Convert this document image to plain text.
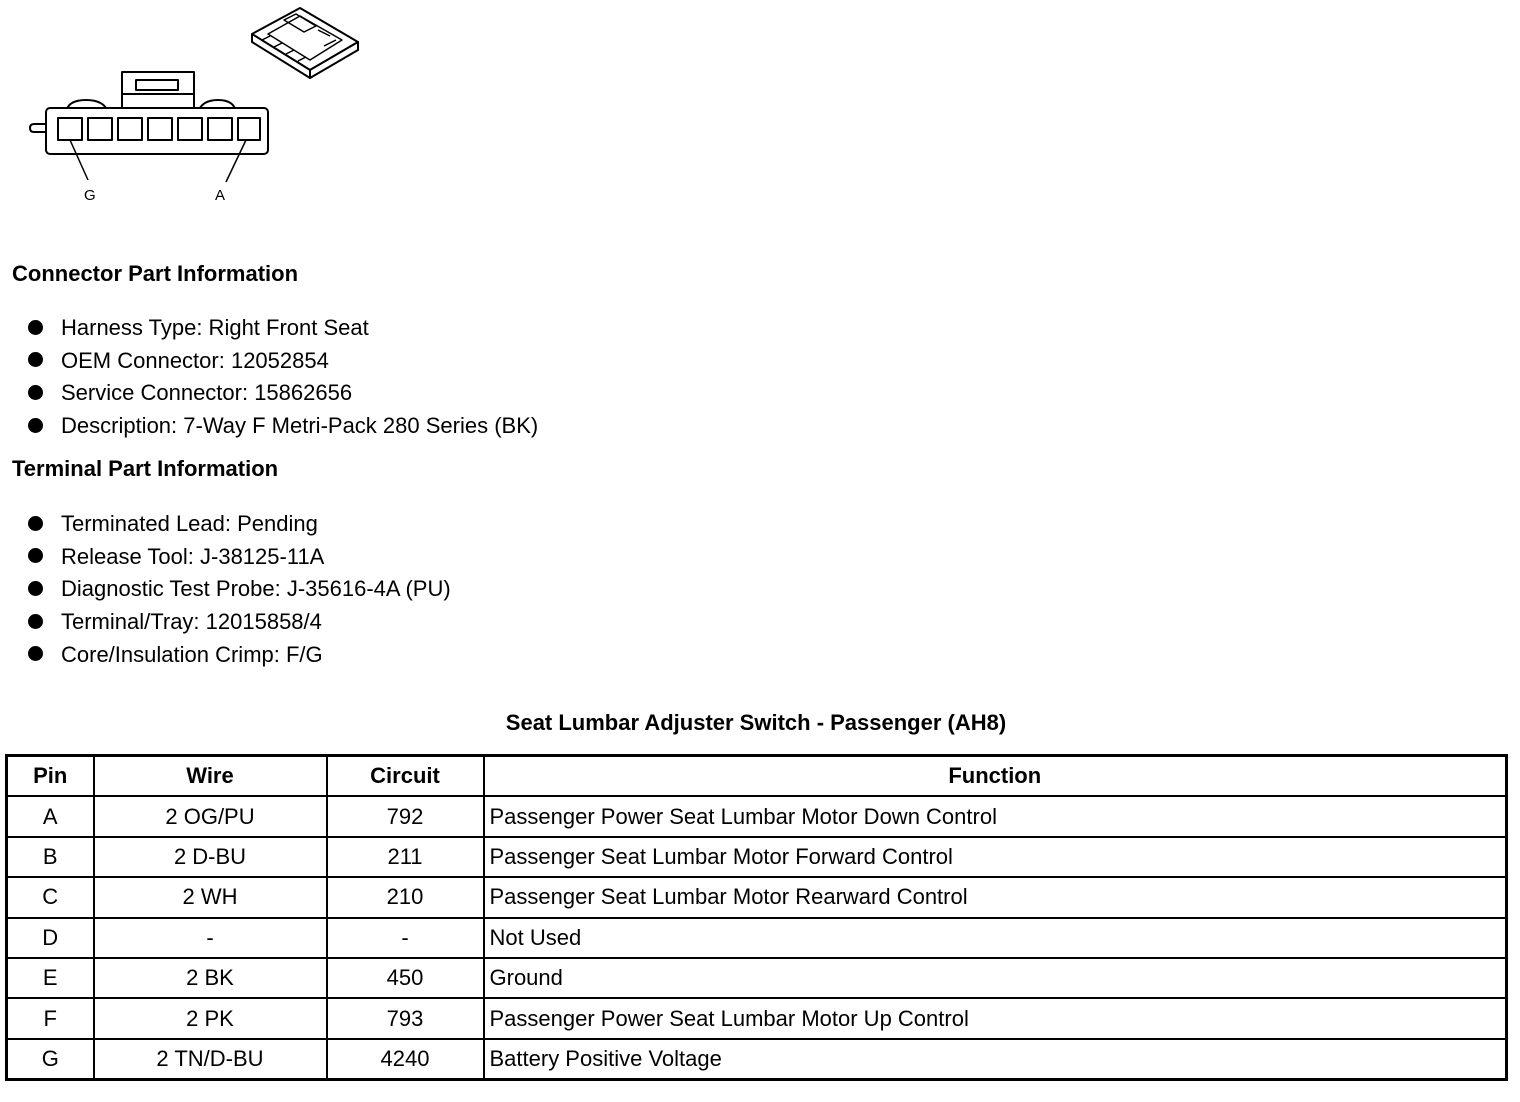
G	A
Connector Part Information
Harness Type: Right Front Seat
OEM Connector: 12052854
Service Connector: 15862656
Description: 7-Way F Metri-Pack 280 Series (BK)
Terminal Part Information
Terminated Lead: Pending
Release Tool: J-38125-11A
Diagnostic Test Probe: J-35616-4A (PU)
Terminal/Tray: 12015858/4
Core/Insulation Crimp: F/G
Seat Lumbar Adjuster Switch - Passenger (AH8)
Pin	Wire	Circuit	Function
A	2 OG/PU	792	Passenger Power Seat Lumbar Motor Down Control
B	2 D-BU	211	Passenger Seat Lumbar Motor Forward Control
C	2 WH	210	Passenger Seat Lumbar Motor Rearward Control
D	-	-	Not Used
E	2 BK	450	Ground
F	2 PK	793	Passenger Power Seat Lumbar Motor Up Control
G	2 TN/D-BU	4240	Battery Positive Voltage
